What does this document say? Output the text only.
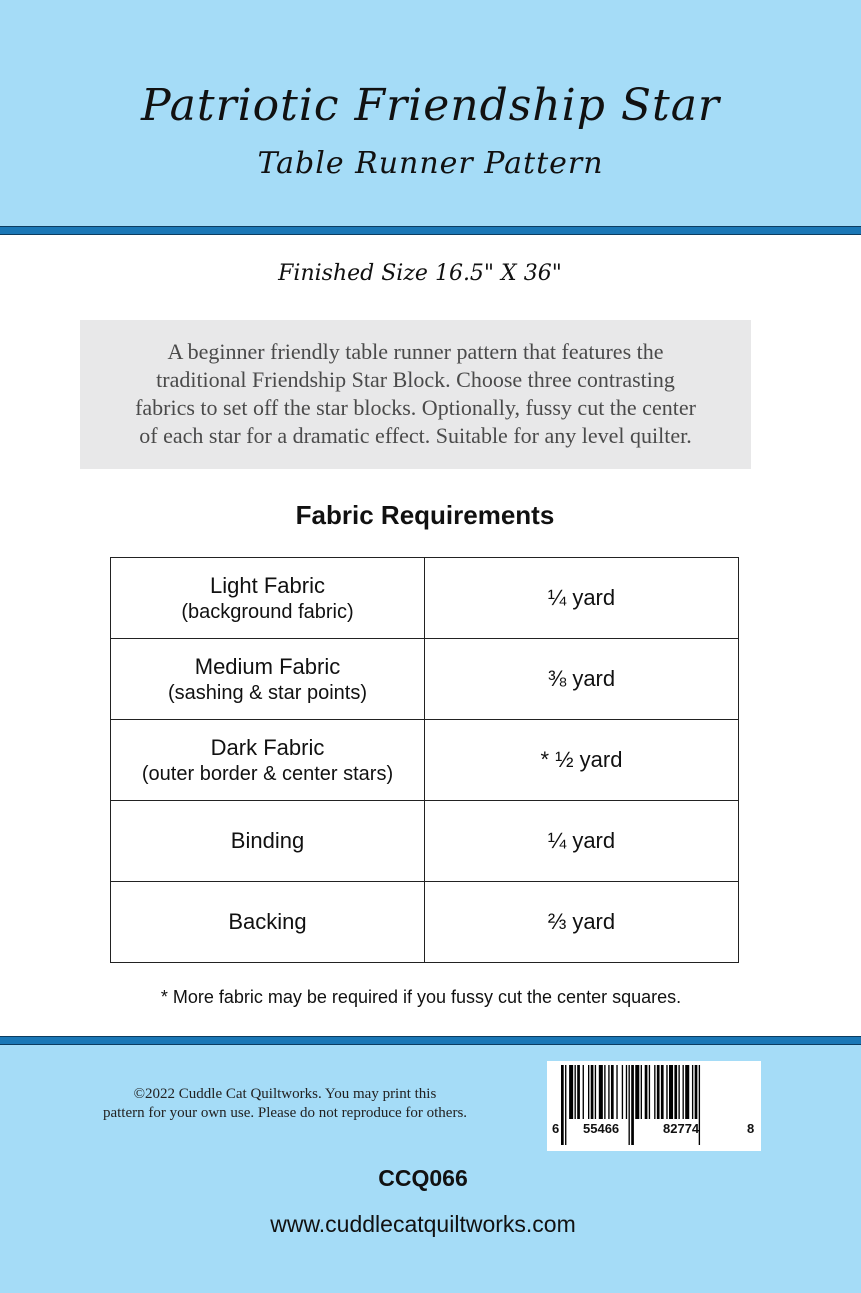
Patriotic Friendship Star
Table Runner Pattern
Finished Size 16.5" X 36"
A beginner friendly table runner pattern that features the
traditional Friendship Star Block. Choose three contrasting
fabrics to set off the star blocks. Optionally, fussy cut the center
of each star for a dramatic effect. Suitable for any level quilter.
Fabric Requirements
Light Fabric
(background fabric)	¼ yard
Medium Fabric
(sashing & star points)	⅜ yard
Dark Fabric
(outer border & center stars)	* ½ yard
Binding	¼ yard
Backing	⅔ yard
* More fabric may be required if you fussy cut the center squares.
©2022 Cuddle Cat Quiltworks. You may print this
pattern for your own use. Please do not reproduce for others.
6 55466	82774	8
CCQ066
www.cuddlecatquiltworks.com
